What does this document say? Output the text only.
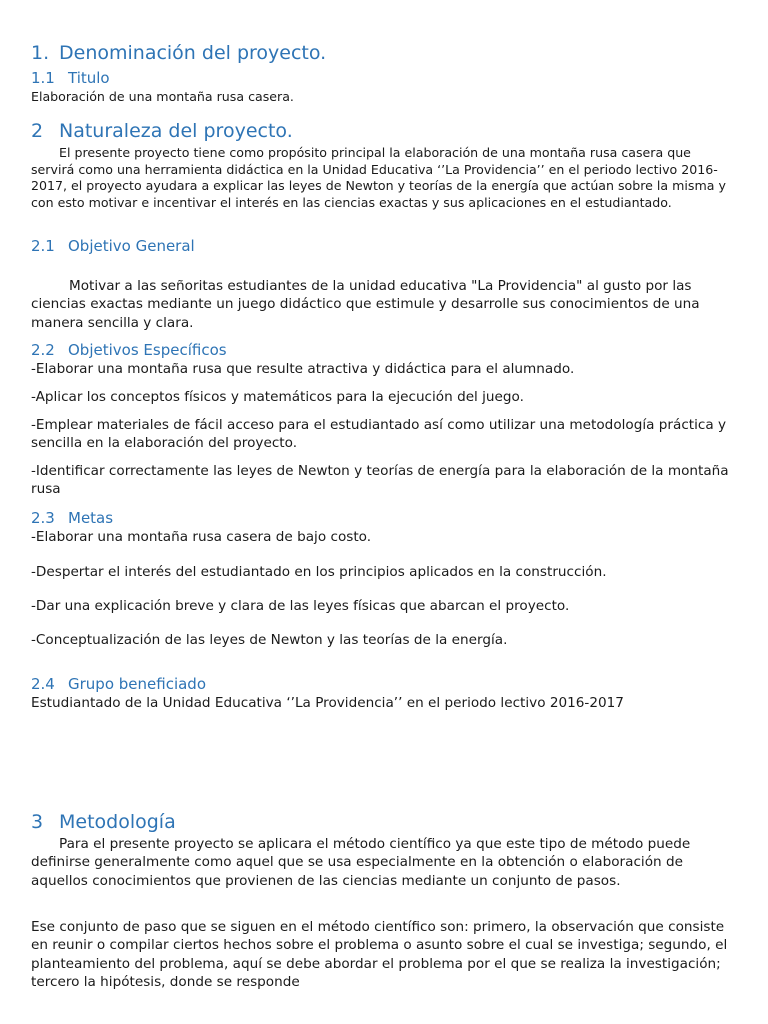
1. Denominación del proyecto.
1.1 Titulo

Elaboración de una montaña rusa casera.

2 Naturaleza del proyecto.

El presente proyecto tiene como propósito principal la elaboración de una montaña rusa casera que servirá como una herramienta didáctica en la Unidad Educativa ‘’La Providencia’’ en el periodo lectivo 2016-2017, el proyecto ayudara a explicar las leyes de Newton y teorías de la energía que actúan sobre la misma y con esto motivar e incentivar el interés en las ciencias exactas y sus aplicaciones en el estudiantado.

2.1 Objetivo General

Motivar a las señoritas estudiantes de la unidad educativa "La Providencia" al gusto por las ciencias exactas mediante un juego didáctico que estimule y desarrolle sus conocimientos de una manera sencilla y clara.

2.2 Objetivos Específicos

-Elaborar una montaña rusa que resulte atractiva y didáctica para el alumnado.

-Aplicar los conceptos físicos y matemáticos para la ejecución del juego.

-Emplear materiales de fácil acceso para el estudiantado así como utilizar una metodología práctica y sencilla en la elaboración del proyecto.

-Identificar correctamente las leyes de Newton y teorías de energía para la elaboración de la montaña rusa

2.3 Metas

-Elaborar una montaña rusa casera de bajo costo.

-Despertar el interés del estudiantado en los principios aplicados en la construcción.

-Dar una explicación breve y clara de las leyes físicas que abarcan el proyecto.

-Conceptualización de las leyes de Newton y las teorías de la energía.

2.4 Grupo beneficiado

Estudiantado de la Unidad Educativa ‘’La Providencia’’ en el periodo lectivo 2016-2017

3 Metodología

Para el presente proyecto se aplicara el método científico ya que este tipo de método puede definirse generalmente como aquel que se usa especialmente en la obtención o elaboración de aquellos conocimientos que provienen de las ciencias mediante un conjunto de pasos.

Ese conjunto de paso que se siguen en el método científico son: primero, la observación que consiste en reunir o compilar ciertos hechos sobre el problema o asunto sobre el cual se investiga; segundo, el planteamiento del problema, aquí se debe abordar el problema por el que se realiza la investigación; tercero la hipótesis, donde se responde
